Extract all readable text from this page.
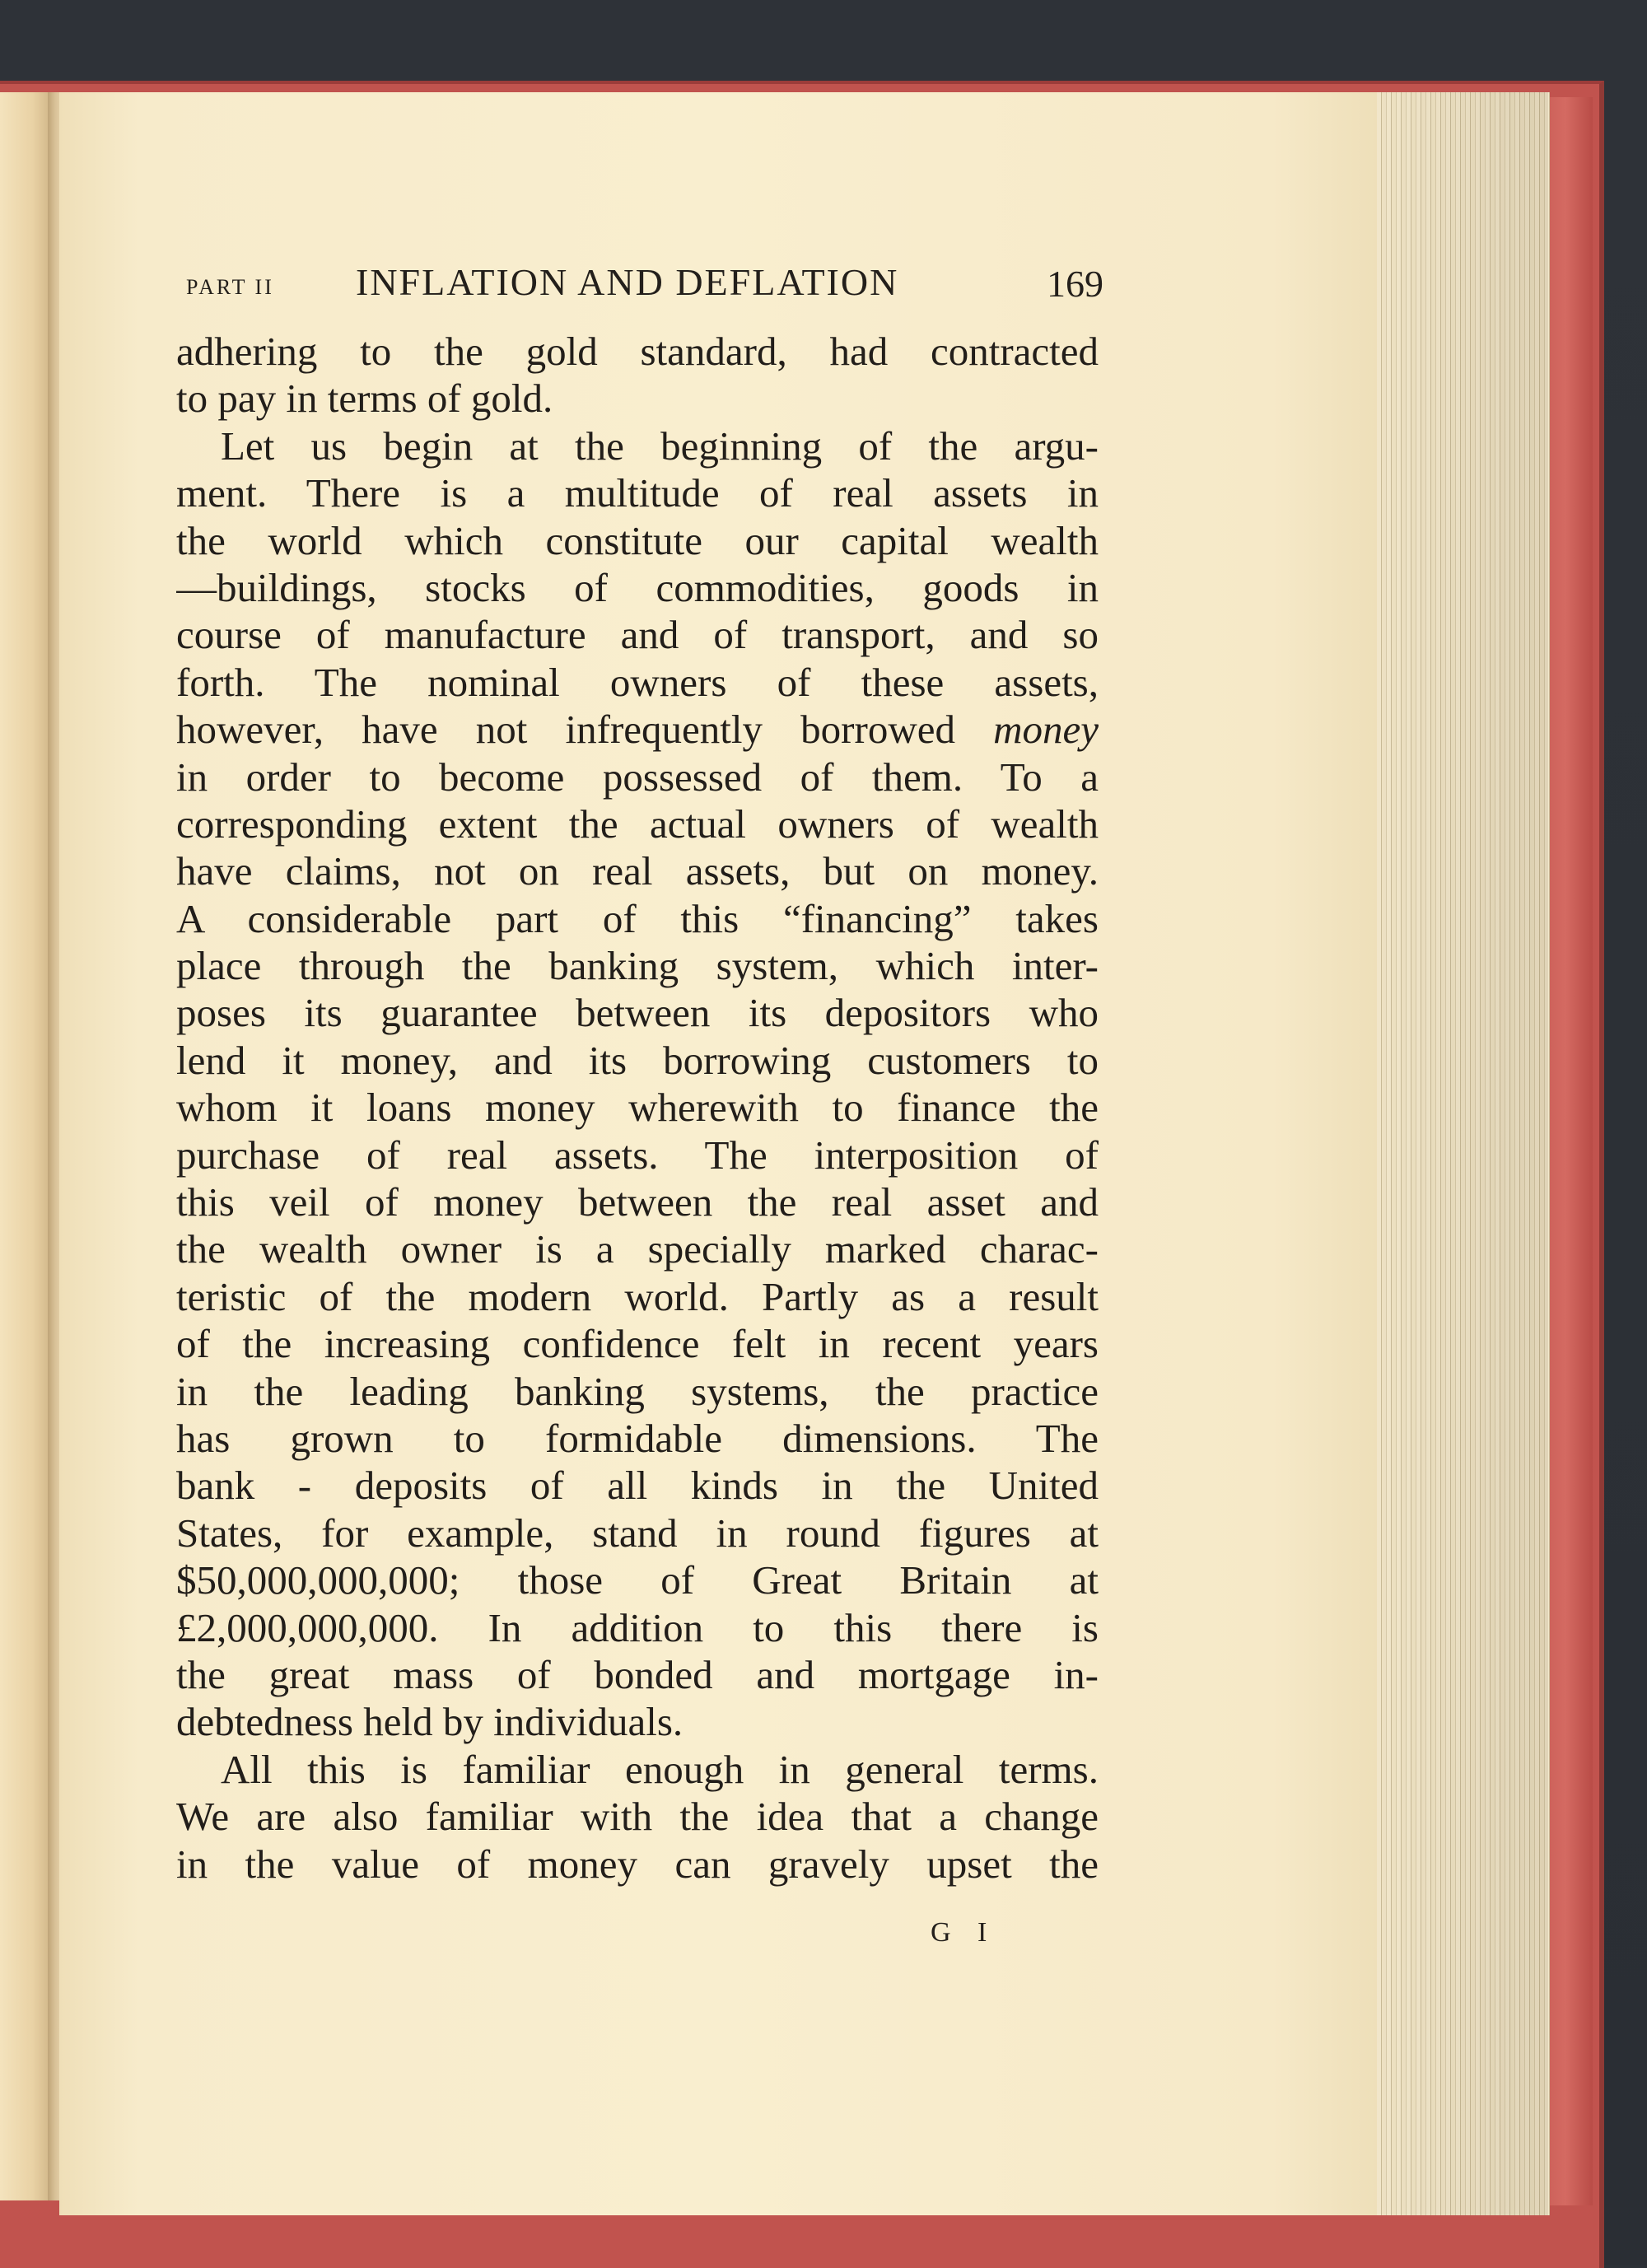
PART II INFLATION AND DEFLATION	169
adhering to the gold standard, had contracted
to pay in terms of gold.
Let us begin at the beginning of the argu-
ment. There is a multitude of real assets in
the world which constitute our capital wealth
—buildings, stocks of commodities, goods in
course of manufacture and of transport, and so
forth. The nominal owners of these assets,
however, have not infrequently borrowed money
in order to become possessed of them. To a
corresponding extent the actual owners of wealth
have claims, not on real assets, but on money.
A considerable part of this “financing” takes
place through the banking system, which inter-
poses its guarantee between its depositors who
lend it money, and its borrowing customers to
whom it loans money wherewith to finance the
purchase of real assets. The interposition of
this veil of money between the real asset and
the wealth owner is a specially marked charac-
teristic of the modern world. Partly as a result
of the increasing confidence felt in recent years
in the leading banking systems, the practice
has grown to formidable dimensions. The
bank - deposits of all kinds in the United
States, for example, stand in round figures at
$50,000,000,000; those of Great Britain at
£2,000,000,000. In addition to this there is
the great mass of bonded and mortgage in-
debtedness held by individuals.
All this is familiar enough in general terms.
We are also familiar with the idea that a change
in the value of money can gravely upset the
G I
